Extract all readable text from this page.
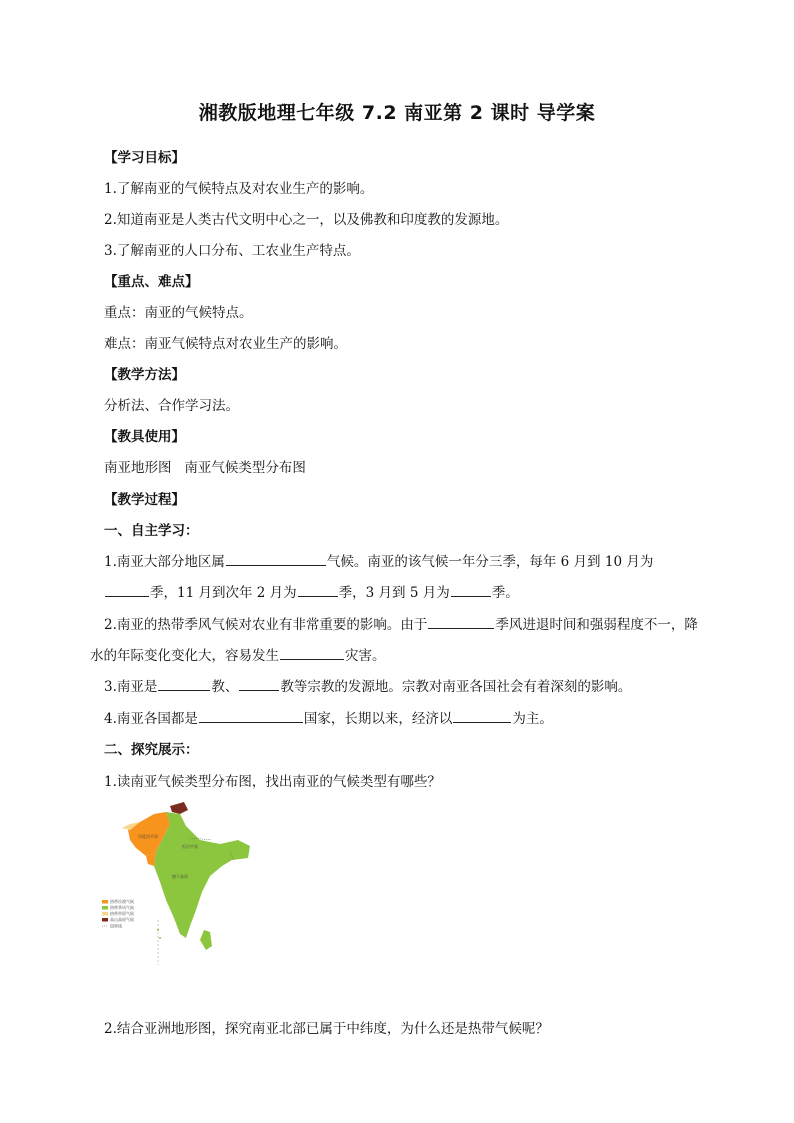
湘教版地理七年级 7.2 南亚第 2 课时 导学案
【学习目标】
1.了解南亚的气候特点及对农业生产的影响。
2.知道南亚是人类古代文明中心之一，以及佛教和印度教的发源地。
3.了解南亚的人口分布、工农业生产特点。
【重点、难点】
重点：南亚的气候特点。
难点：南亚气候特点对农业生产的影响。
【教学方法】
分析法、合作学习法。
【教具使用】
南亚地形图   南亚气候类型分布图
【教学过程】
一、自主学习：
1.南亚大部分地区属	气候。南亚的该气候一年分三季，每年 6 月到 10 月为
季，11 月到次年 2 月为	季，3 月到 5 月为	季。
2.南亚的热带季风气候对农业有非常重要的影响。由于	季风进退时间和强弱程度不一，降
水的年际变化变化大，容易发生	灾害。
3.南亚是	教、	教等宗教的发源地。宗教对南亚各国社会有着深刻的影响。
4.南亚各国都是	国家，长期以来，经济以	为主。
二、探究展示：
1.读南亚气候类型分布图，找出南亚的气候类型有哪些？
恒河平原
印度河平原
德干高原
热带沙漠气候
热带季风气候
热带草原气候
高山高原气候
国界线
2.结合亚洲地形图，探究南亚北部已属于中纬度，为什么还是热带气候呢？
